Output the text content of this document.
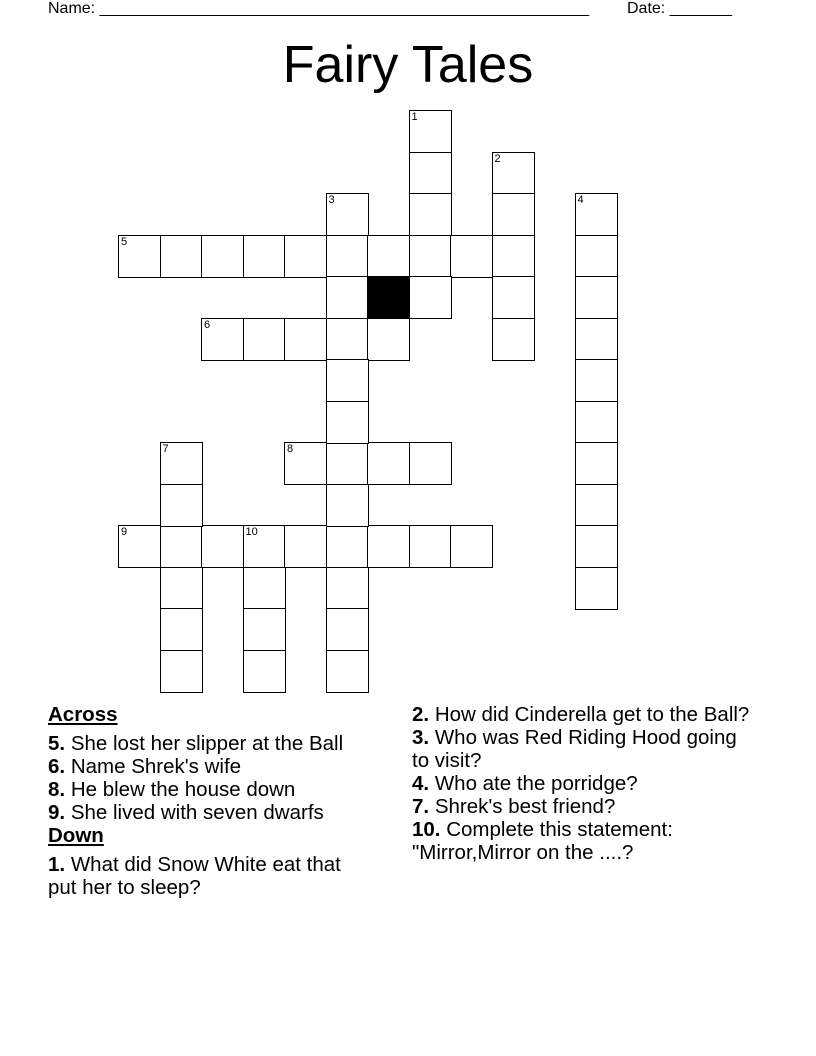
Name: _______________________________________________________ Date: _______
Fairy Tales
5
6
8
9	10
1
2
3	4
7
Across

5. She lost her slipper at the Ball

6. Name Shrek's wife

8. He blew the house down

9. She lived with seven dwarfs

Down

1. What did Snow White eat that put her to sleep?

2. How did Cinderella get to the Ball?

3. Who was Red Riding Hood going to visit?

4. Who ate the porridge?

7. Shrek's best friend?

10. Complete this statement: "Mirror,Mirror on the ....?
